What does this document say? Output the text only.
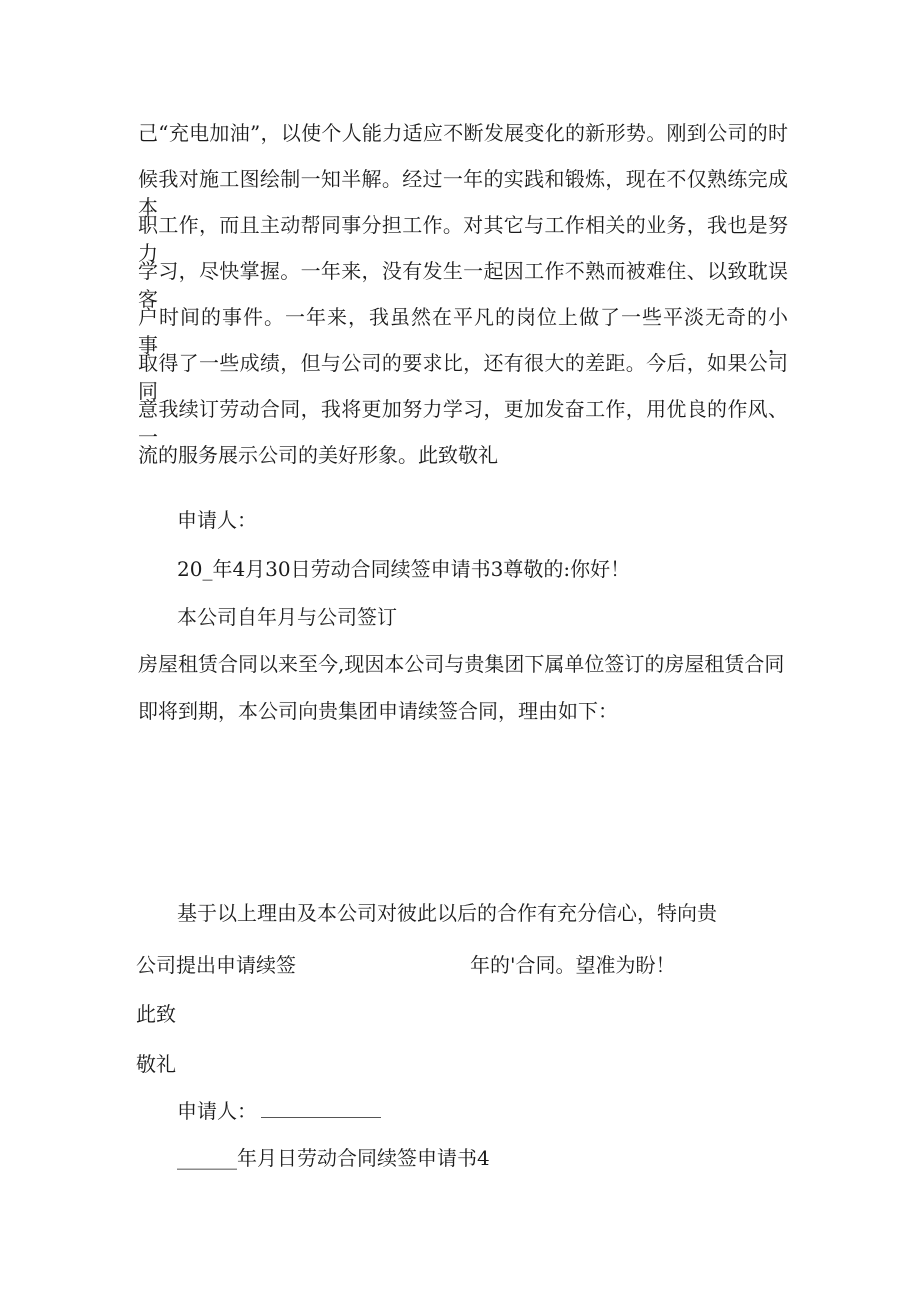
己“充电加油”，以使个人能力适应不断发展变化的新形势。刚到公司的时
候我对施工图绘制一知半解。经过一年的实践和锻炼，现在不仅熟练完成本
职工作，而且主动帮同事分担工作。对其它与工作相关的业务，我也是努力
学习，尽快掌握。一年来，没有发生一起因工作不熟而被难住、以致耽误客
户时间的事件。一年来，我虽然在平凡的岗位上做了一些平淡无奇的小事，
取得了一些成绩，但与公司的要求比，还有很大的差距。今后，如果公司同
意我续订劳动合同，我将更加努力学习，更加发奋工作，用优良的作风、一
流的服务展示公司的美好形象。此致敬礼
申请人：
20_年4月30日劳动合同续签申请书3尊敬的:你好！
本公司自年月与公司签订
房屋租赁合同以来至今,现因本公司与贵集团下属单位签订的房屋租赁合同
即将到期，本公司向贵集团申请续签合同，理由如下：
基于以上理由及本公司对彼此以后的合作有充分信心，特向贵
公司提出申请续签	年的'合同。望准为盼！
此致
敬礼
申请人：
______年月日劳动合同续签申请书4
